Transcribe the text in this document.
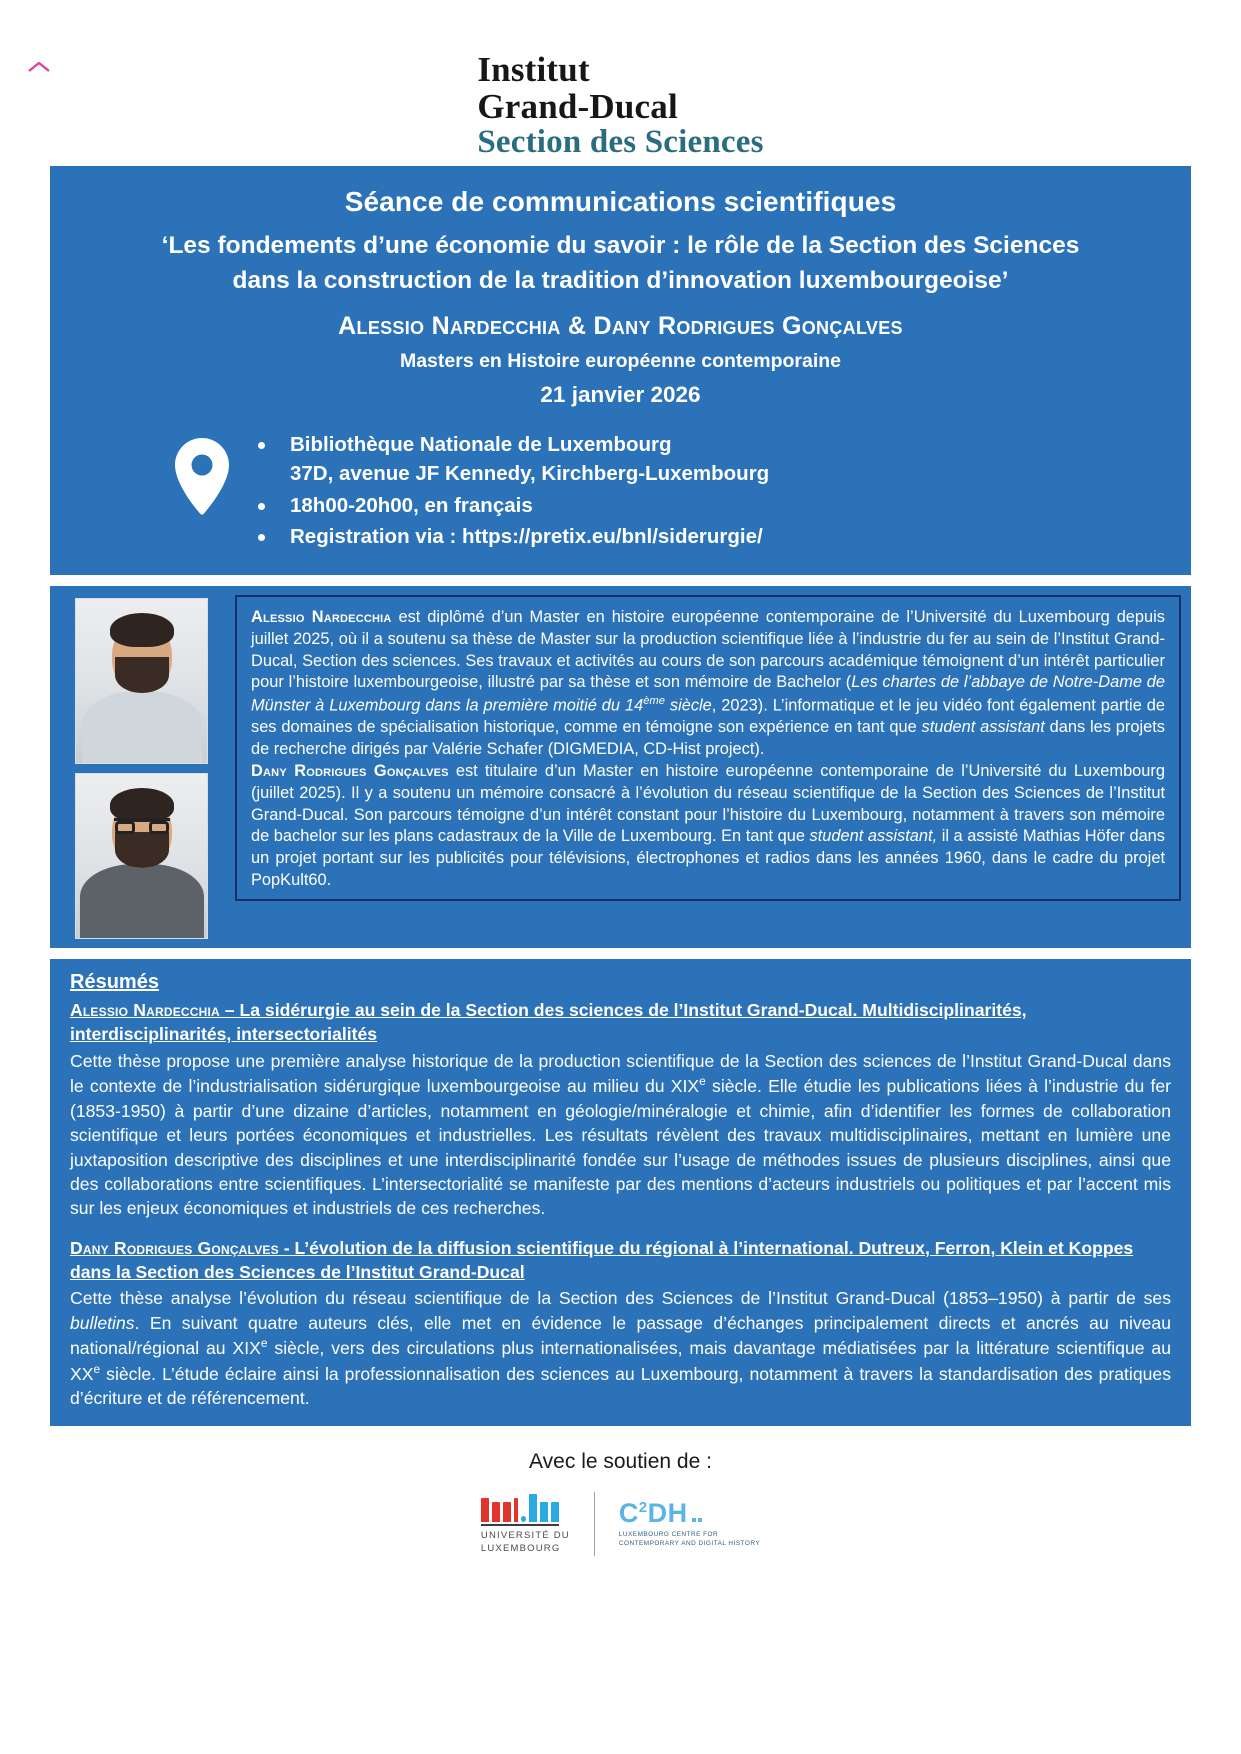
Institut
Grand-Ducal
Section des Sciences
Séance de communications scientifiques
‘Les fondements d’une économie du savoir : le rôle de la Section des Sciences
dans la construction de la tradition d’innovation luxembourgeoise’
Alessio Nardecchia & Dany Rodrigues Gonçalves
Masters en Histoire européenne contemporaine
21 janvier 2026
Bibliothèque Nationale de Luxembourg
37D, avenue JF Kennedy, Kirchberg-Luxembourg
18h00-20h00, en français
Registration via : https://pretix.eu/bnl/siderurgie/

Alessio Nardecchia est diplômé d’un Master en histoire européenne contemporaine de l’Université du Luxembourg depuis juillet 2025, où il a soutenu sa thèse de Master sur la production scientifique liée à l’industrie du fer au sein de l’Institut Grand-Ducal, Section des sciences. Ses travaux et activités au cours de son parcours académique témoignent d’un intérêt particulier pour l’histoire luxembourgeoise, illustré par sa thèse et son mémoire de Bachelor (Les chartes de l’abbaye de Notre-Dame de Münster à Luxembourg dans la première moitié du 14ème siècle, 2023). L’informatique et le jeu vidéo font également partie de ses domaines de spécialisation historique, comme en témoigne son expérience en tant que student assistant dans les projets de recherche dirigés par Valérie Schafer (DIGMEDIA, CD-Hist project).

Dany Rodrigues Gonçalves est titulaire d’un Master en histoire européenne contemporaine de l’Université du Luxembourg (juillet 2025). Il y a soutenu un mémoire consacré à l’évolution du réseau scientifique de la Section des Sciences de l’Institut Grand-Ducal. Son parcours témoigne d’un intérêt constant pour l’histoire du Luxembourg, notamment à travers son mémoire de bachelor sur les plans cadastraux de la Ville de Luxembourg. En tant que student assistant, il a assisté Mathias Höfer dans un projet portant sur les publicités pour télévisions, électrophones et radios dans les années 1960, dans le cadre du projet PopKult60.

Résumés
Alessio Nardecchia – La sidérurgie au sein de la Section des sciences de l’Institut Grand-Ducal. Multidisciplinarités, interdisciplinarités, intersectorialités

Cette thèse propose une première analyse historique de la production scientifique de la Section des sciences de l’Institut Grand-Ducal dans le contexte de l’industrialisation sidérurgique luxembourgeoise au milieu du XIXe siècle. Elle étudie les publications liées à l’industrie du fer (1853-1950) à partir d’une dizaine d’articles, notamment en géologie/minéralogie et chimie, afin d’identifier les formes de collaboration scientifique et leurs portées économiques et industrielles. Les résultats révèlent des travaux multidisciplinaires, mettant en lumière une juxtaposition descriptive des disciplines et une interdisciplinarité fondée sur l’usage de méthodes issues de plusieurs disciplines, ainsi que des collaborations entre scientifiques. L’intersectorialité se manifeste par des mentions d’acteurs industriels ou politiques et par l’accent mis sur les enjeux économiques et industriels de ces recherches.

Dany Rodrigues Gonçalves - L’évolution de la diffusion scientifique du régional à l’international. Dutreux, Ferron, Klein et Koppes dans la Section des Sciences de l’Institut Grand-Ducal

Cette thèse analyse l’évolution du réseau scientifique de la Section des Sciences de l’Institut Grand-Ducal (1853–1950) à partir de ses bulletins. En suivant quatre auteurs clés, elle met en évidence le passage d’échanges principalement directs et ancrés au niveau national/régional au XIXe siècle, vers des circulations plus internationalisées, mais davantage médiatisées par la littérature scientifique au XXe siècle. L’étude éclaire ainsi la professionnalisation des sciences au Luxembourg, notamment à travers la standardisation des pratiques d’écriture et de référencement.

Avec le soutien de :
UNIVERSITÉ DU
LUXEMBOURG
$C^2DH$
LUXEMBOURG CENTRE FOR
CONTEMPORARY AND DIGITAL HISTORY
